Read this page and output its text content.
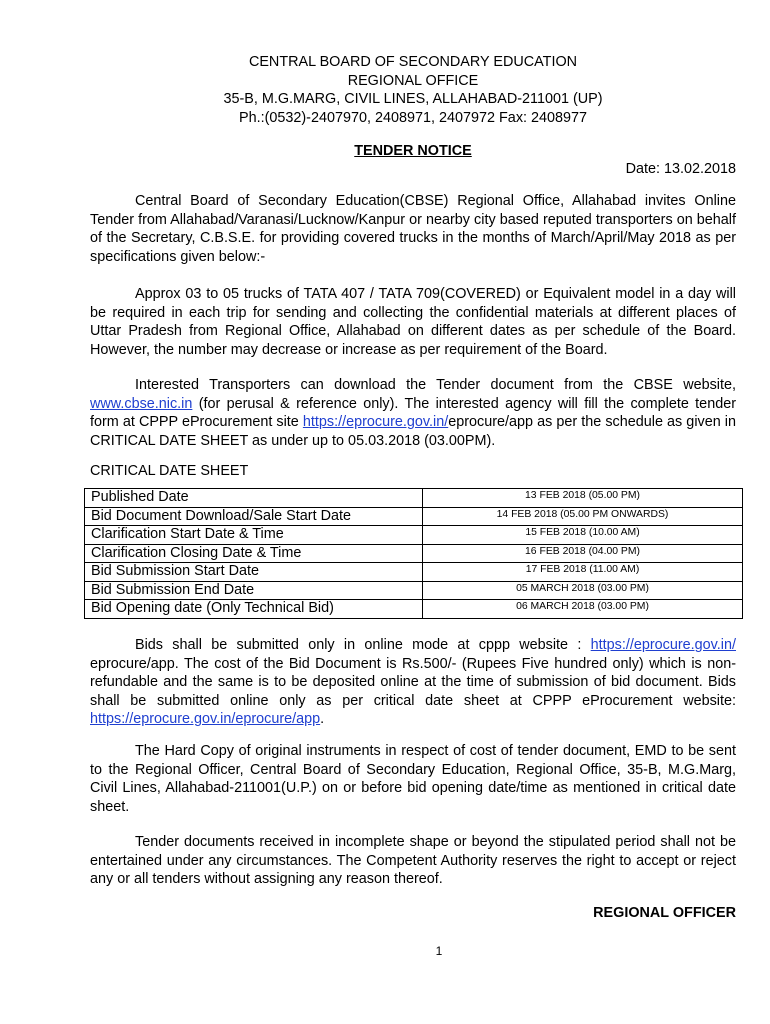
CENTRAL BOARD OF SECONDARY EDUCATION
REGIONAL OFFICE
35-B, M.G.MARG, CIVIL LINES, ALLAHABAD-211001 (UP)
Ph.:(0532)-2407970, 2408971, 2407972 Fax: 2408977
TENDER NOTICE
Date: 13.02.2018
Central Board of Secondary Education(CBSE) Regional Office, Allahabad invites Online Tender from Allahabad/Varanasi/Lucknow/Kanpur or nearby city based reputed transporters on behalf of the Secretary, C.B.S.E. for providing covered trucks in the months of March/April/May 2018 as per specifications given below:-
Approx 03 to 05 trucks of TATA 407 / TATA 709(COVERED) or Equivalent model in a day will be required in each trip for sending and collecting the confidential materials at different places of Uttar Pradesh from Regional Office, Allahabad on different dates as per schedule of the Board. However, the number may decrease or increase as per requirement of the Board.
Interested Transporters can download the Tender document from the CBSE website, www.cbse.nic.in (for perusal & reference only). The interested agency will fill the complete tender form at CPPP eProcurement site https://eprocure.gov.in/eprocure/app as per the schedule as given in CRITICAL DATE SHEET as under up to 05.03.2018 (03.00PM).
CRITICAL DATE SHEET
Published Date	13 FEB 2018 (05.00 PM)
Bid Document Download/Sale Start Date	14 FEB 2018 (05.00 PM ONWARDS)
Clarification Start Date & Time	15 FEB 2018 (10.00 AM)
Clarification Closing Date & Time	16 FEB 2018 (04.00 PM)
Bid Submission Start Date	17 FEB 2018 (11.00 AM)
Bid Submission End Date	05 MARCH 2018 (03.00 PM)
Bid Opening date (Only Technical Bid)	06 MARCH 2018 (03.00 PM)
Bids shall be submitted only in online mode at cppp website : https://eprocure.gov.in/ eprocure/app. The cost of the Bid Document is Rs.500/- (Rupees Five hundred only) which is non-refundable and the same is to be deposited online at the time of submission of bid document. Bids shall be submitted online only as per critical date sheet at CPPP eProcurement website: https://eprocure.gov.in/eprocure/app.
The Hard Copy of original instruments in respect of cost of tender document, EMD to be sent to the Regional Officer, Central Board of Secondary Education, Regional Office, 35-B, M.G.Marg, Civil Lines, Allahabad-211001(U.P.) on or before bid opening date/time as mentioned in critical date sheet.
Tender documents received in incomplete shape or beyond the stipulated period shall not be entertained under any circumstances. The Competent Authority reserves the right to accept or reject any or all tenders without assigning any reason thereof.
REGIONAL OFFICER
1
